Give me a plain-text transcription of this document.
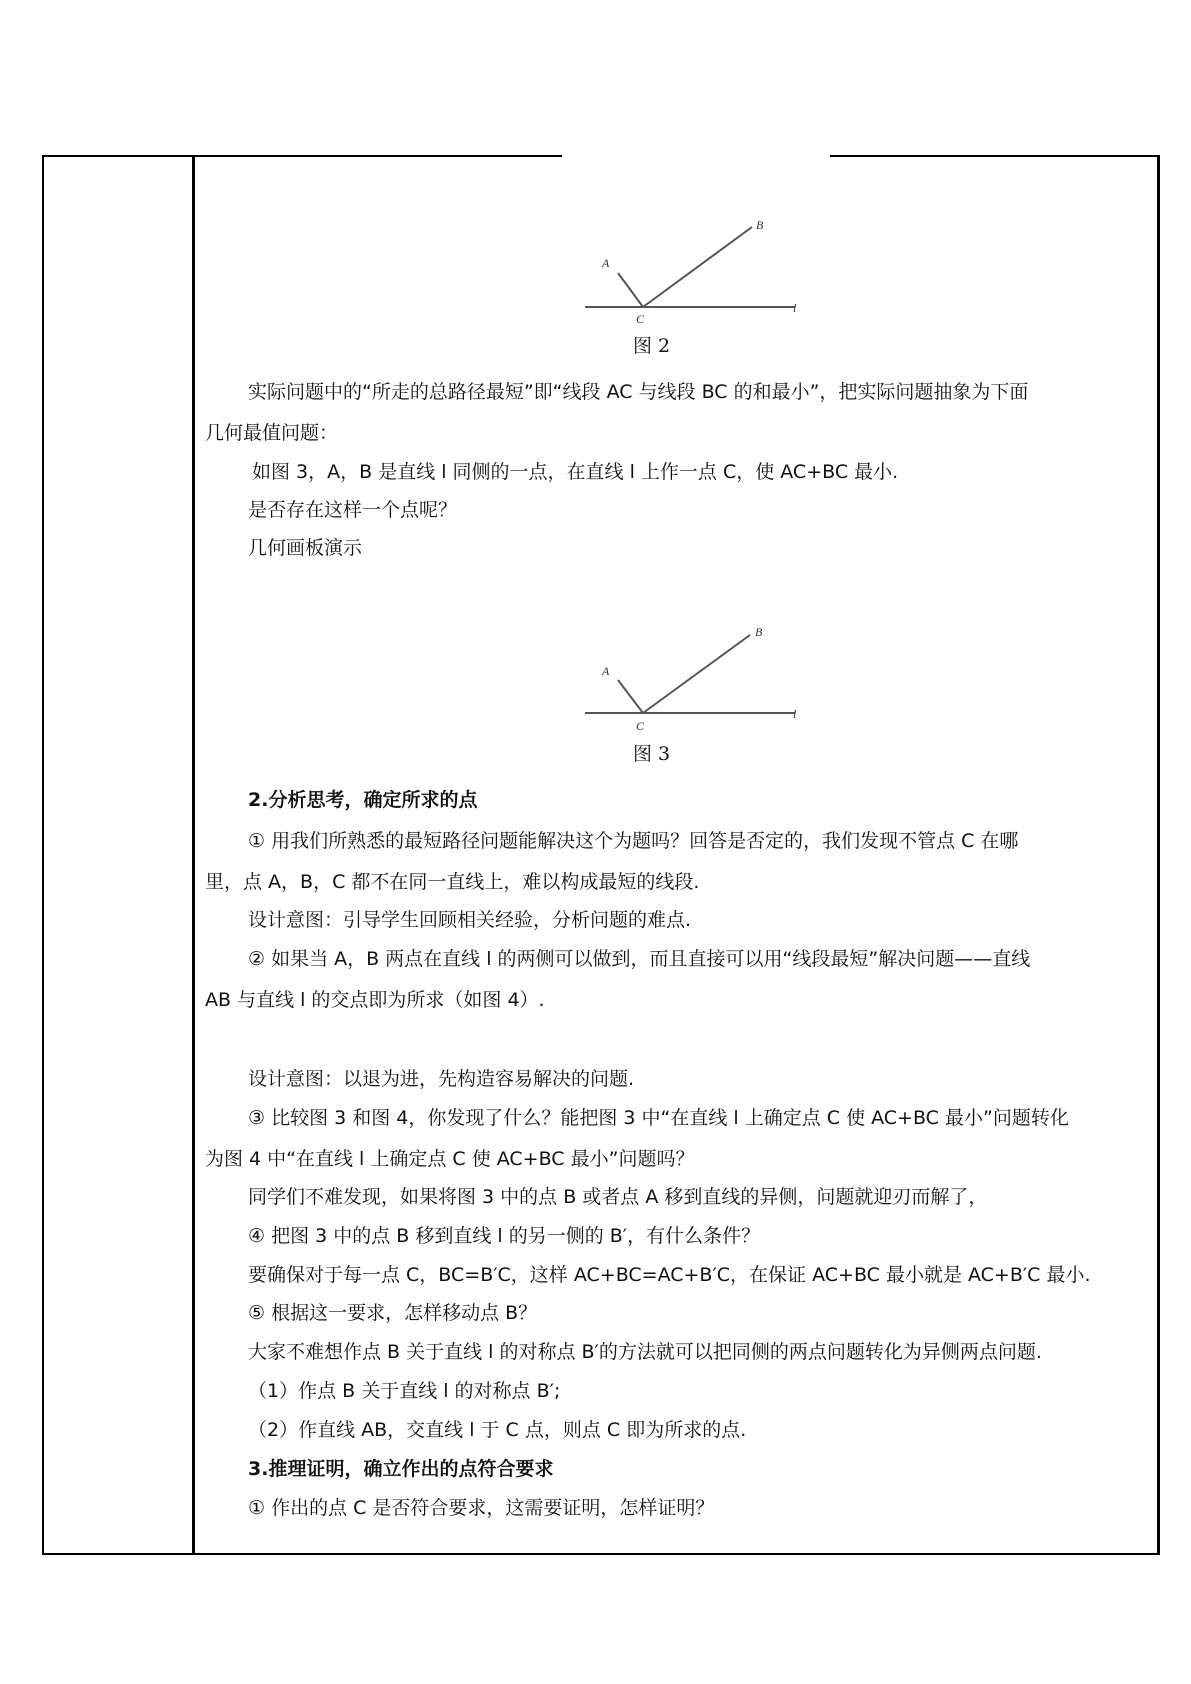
A
B
C
l
图 2
实际问题中的“所走的总路径最短”即“线段 AC 与线段 BC 的和最小”，把实际问题抽象为下面
几何最值问题：
如图 3，A，B 是直线 l 同侧的一点，在直线 l 上作一点 C，使 AC+BC 最小.
是否存在这样一个点呢？
几何画板演示
A
B
C
l
图 3
2.分析思考，确定所求的点
① 用我们所熟悉的最短路径问题能解决这个为题吗？回答是否定的，我们发现不管点 C 在哪
里，点 A，B，C 都不在同一直线上，难以构成最短的线段.
设计意图：引导学生回顾相关经验，分析问题的难点.
② 如果当 A，B 两点在直线 l 的两侧可以做到，而且直接可以用“线段最短”解决问题——直线
AB 与直线 l 的交点即为所求（如图 4）.
设计意图：以退为进，先构造容易解决的问题.
③ 比较图 3 和图 4，你发现了什么？能把图 3 中“在直线 l 上确定点 C 使 AC+BC 最小”问题转化
为图 4 中“在直线 l 上确定点 C 使 AC+BC 最小”问题吗？
同学们不难发现，如果将图 3 中的点 B 或者点 A 移到直线的异侧，问题就迎刃而解了，
④ 把图 3 中的点 B 移到直线 l 的另一侧的 B′，有什么条件？
要确保对于每一点 C，BC=B′C，这样 AC+BC=AC+B′C，在保证 AC+BC 最小就是 AC+B′C 最小.
⑤ 根据这一要求，怎样移动点 B？
大家不难想作点 B 关于直线 l 的对称点 B′的方法就可以把同侧的两点问题转化为异侧两点问题.
（1）作点 B 关于直线 l 的对称点 B′;
（2）作直线 AB，交直线 l 于 C 点，则点 C 即为所求的点.
3.推理证明，确立作出的点符合要求
① 作出的点 C 是否符合要求，这需要证明，怎样证明？
